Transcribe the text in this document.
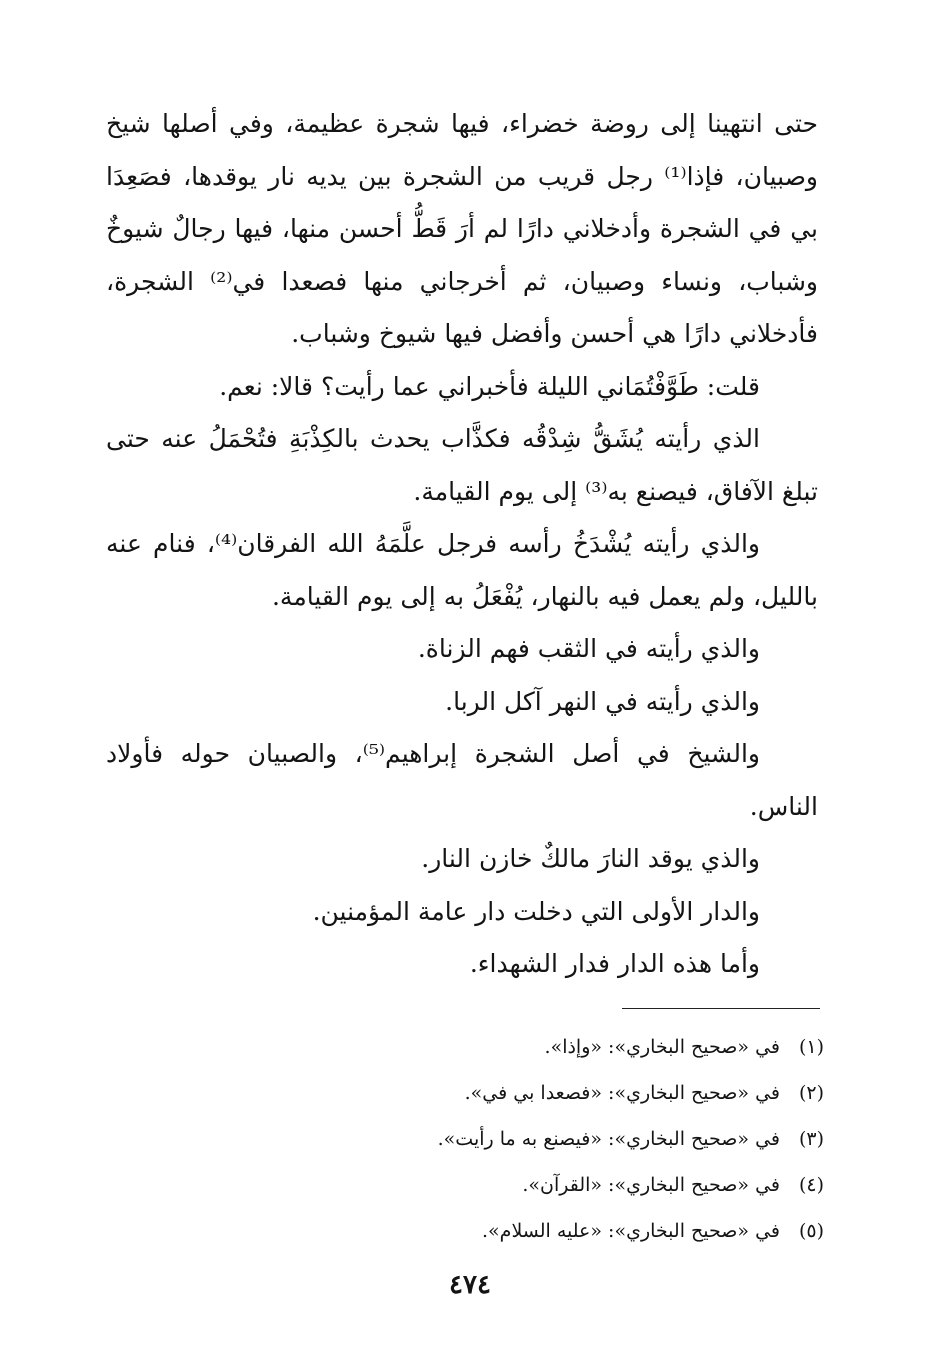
حتى انتهينا إلى روضة خضراء، فيها شجرة عظيمة، وفي أصلها شيخ وصبيان، فإذا⁽¹⁾ رجل قريب من الشجرة بين يديه نار يوقدها، فصَعِدَا بي في الشجرة وأدخلاني دارًا لم أرَ قَطُّ أحسن منها، فيها رجالٌ شيوخٌ وشباب، ونساء وصبيان، ثم أخرجاني منها فصعدا في⁽²⁾ الشجرة، فأدخلاني دارًا هي أحسن وأفضل فيها شيوخ وشباب.

قلت: طَوَّفْتُمَاني الليلة فأخبراني عما رأيت؟ قالا: نعم.

الذي رأيته يُشَقُّ شِدْقُه فكذَّاب يحدث بالكِذْبَةِ فتُحْمَلُ عنه حتى تبلغ الآفاق، فيصنع به⁽³⁾ إلى يوم القيامة.

والذي رأيته يُشْدَخُ رأسه فرجل علَّمَهُ الله الفرقان⁽⁴⁾، فنام عنه بالليل، ولم يعمل فيه بالنهار، يُفْعَلُ به إلى يوم القيامة.

والذي رأيته في الثقب فهم الزناة.

والذي رأيته في النهر آكل الربا.

والشيخ في أصل الشجرة إبراهيم⁽⁵⁾، والصبيان حوله فأولاد الناس.

والذي يوقد النارَ مالكٌ خازن النار.

والدار الأولى التي دخلت دار عامة المؤمنين.

وأما هذه الدار فدار الشهداء.

(١)
في «صحيح البخاري»: «وإذا».
(٢)
في «صحيح البخاري»: «فصعدا بي في».
(٣)
في «صحيح البخاري»: «فيصنع به ما رأيت».
(٤)
في «صحيح البخاري»: «القرآن».
(٥)
في «صحيح البخاري»: «عليه السلام».
٤٧٤
